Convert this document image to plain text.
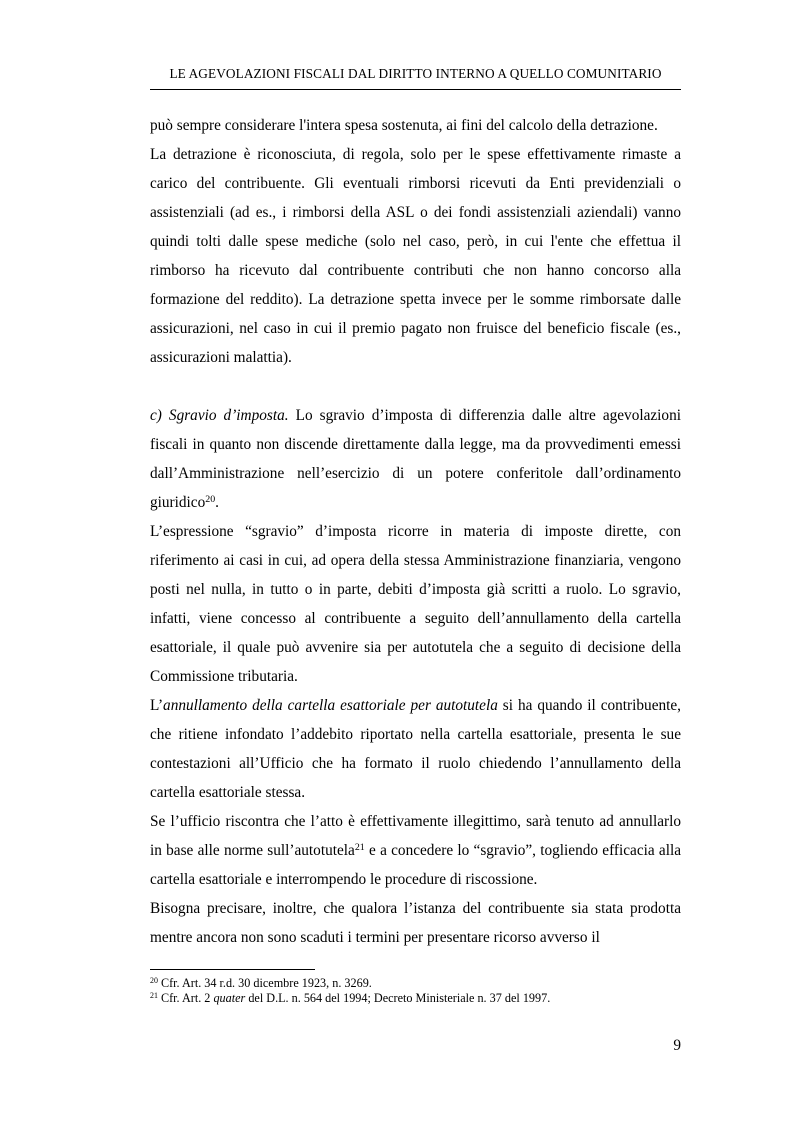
LE AGEVOLAZIONI FISCALI DAL DIRITTO INTERNO A QUELLO COMUNITARIO

può sempre considerare l'intera spesa sostenuta, ai fini del calcolo della detrazione.

La detrazione è riconosciuta, di regola, solo per le spese effettivamente rimaste a carico del contribuente. Gli eventuali rimborsi ricevuti da Enti previdenziali o assistenziali (ad es., i rimborsi della ASL o dei fondi assistenziali aziendali) vanno quindi tolti dalle spese mediche (solo nel caso, però, in cui l'ente che effettua il rimborso ha ricevuto dal contribuente contributi che non hanno concorso alla formazione del reddito). La detrazione spetta invece per le somme rimborsate dalle assicurazioni, nel caso in cui il premio pagato non fruisce del beneficio fiscale (es., assicurazioni malattia).

c) Sgravio d’imposta. Lo sgravio d’imposta di differenzia dalle altre agevolazioni fiscali in quanto non discende direttamente dalla legge, ma da provvedimenti emessi dall’Amministrazione nell’esercizio di un potere conferitole dall’ordinamento giuridico$^{20}$.

L’espressione “sgravio” d’imposta ricorre in materia di imposte dirette, con riferimento ai casi in cui, ad opera della stessa Amministrazione finanziaria, vengono posti nel nulla, in tutto o in parte, debiti d’imposta già scritti a ruolo. Lo sgravio, infatti, viene concesso al contribuente a seguito dell’annullamento della cartella esattoriale, il quale può avvenire sia per autotutela che a seguito di decisione della Commissione tributaria.

L’annullamento della cartella esattoriale per autotutela si ha quando il contribuente, che ritiene infondato l’addebito riportato nella cartella esattoriale, presenta le sue contestazioni all’Ufficio che ha formato il ruolo chiedendo l’annullamento della cartella esattoriale stessa.

Se l’ufficio riscontra che l’atto è effettivamente illegittimo, sarà tenuto ad annullarlo in base alle norme sull’autotutela$^{21}$ e a concedere lo “sgravio”, togliendo efficacia alla cartella esattoriale e interrompendo le procedure di riscossione.

Bisogna precisare, inoltre, che qualora l’istanza del contribuente sia stata prodotta mentre ancora non sono scaduti i termini per presentare ricorso avverso il

$^{20}$ Cfr. Art. 34 r.d. 30 dicembre 1923, n. 3269.

$^{21}$ Cfr. Art. 2 quater del D.L. n. 564 del 1994; Decreto Ministeriale n. 37 del 1997.

9
